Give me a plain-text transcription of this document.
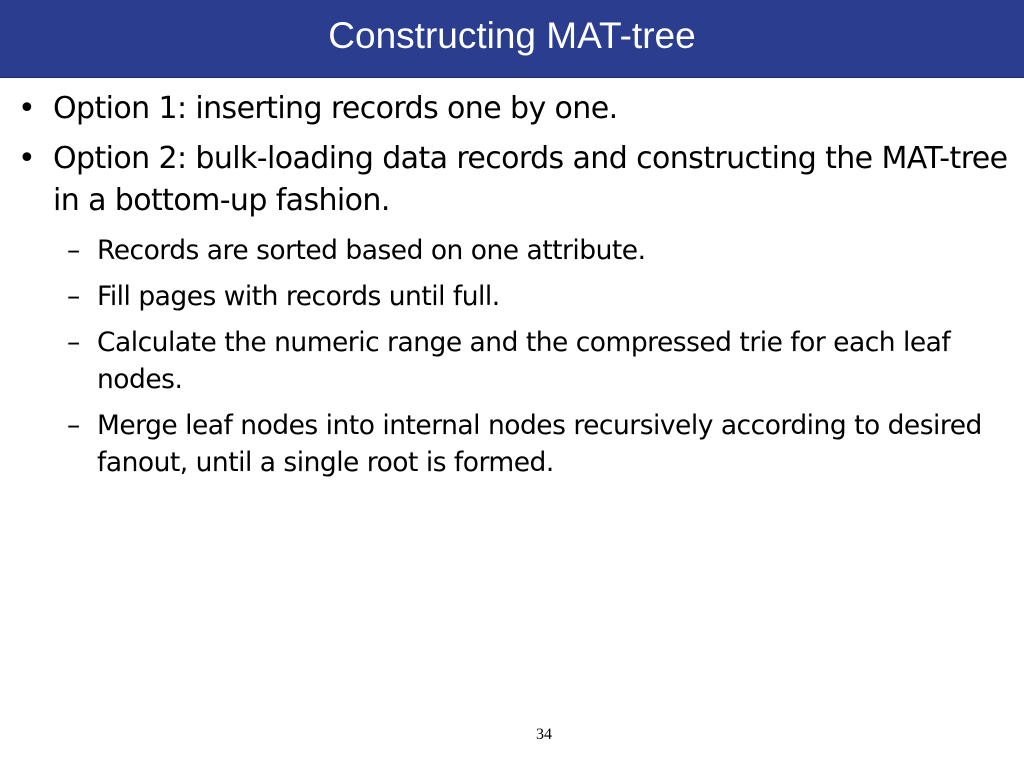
Constructing MAT-tree
• Option 1: inserting records one by one.
• Option 2: bulk-loading data records and constructing the MAT-tree in a bottom-up fashion.
– Records are sorted based on one attribute.
– Fill pages with records until full.
– Calculate the numeric range and the compressed trie for each leaf nodes.
– Merge leaf nodes into internal nodes recursively according to desired fanout, until a single root is formed.
34
